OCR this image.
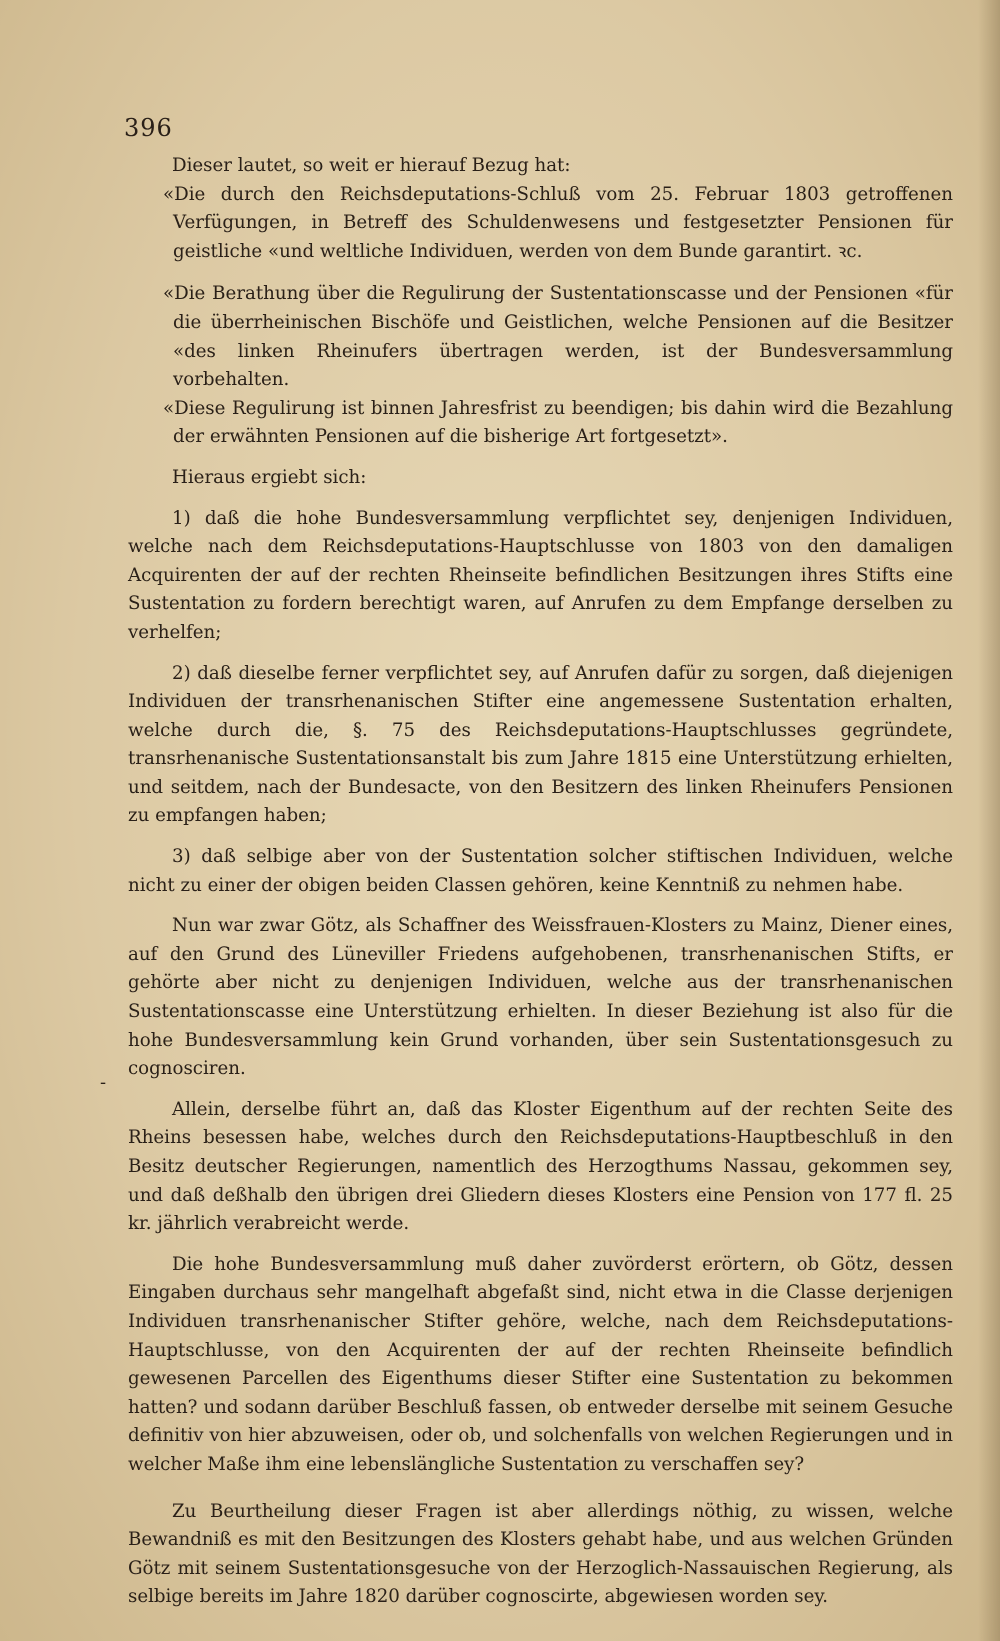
396
-

Dieser lautet, so weit er hierauf Bezug hat:

«Die durch den Reichsdeputations-Schluß vom 25. Februar 1803 getroffenen Verfügungen, in Betreff des Schuldenwesens und festgesetzter Pensionen für geistliche «und weltliche Individuen, werden von dem Bunde garantirt. ꝛc.

«Die Berathung über die Regulirung der Sustentationscasse und der Pensionen «für die überrheinischen Bischöfe und Geistlichen, welche Pensionen auf die Besitzer «des linken Rheinufers übertragen werden, ist der Bundesversammlung vorbehalten.

«Diese Regulirung ist binnen Jahresfrist zu beendigen; bis dahin wird die Bezahlung der erwähnten Pensionen auf die bisherige Art fortgesetzt».

Hieraus ergiebt sich:

1) daß die hohe Bundesversammlung verpflichtet sey, denjenigen Individuen, welche nach dem Reichsdeputations-Hauptschlusse von 1803 von den damaligen Acquirenten der auf der rechten Rheinseite befindlichen Besitzungen ihres Stifts eine Sustentation zu fordern berechtigt waren, auf Anrufen zu dem Empfange derselben zu verhelfen;

2) daß dieselbe ferner verpflichtet sey, auf Anrufen dafür zu sorgen, daß diejenigen Individuen der transrhenanischen Stifter eine angemessene Sustentation erhalten, welche durch die, §. 75 des Reichsdeputations-Hauptschlusses gegründete, transrhenanische Sustentationsanstalt bis zum Jahre 1815 eine Unterstützung erhielten, und seitdem, nach der Bundesacte, von den Besitzern des linken Rheinufers Pensionen zu empfangen haben;

3) daß selbige aber von der Sustentation solcher stiftischen Individuen, welche nicht zu einer der obigen beiden Classen gehören, keine Kenntniß zu nehmen habe.

Nun war zwar Götz, als Schaffner des Weissfrauen-Klosters zu Mainz, Diener eines, auf den Grund des Lüneviller Friedens aufgehobenen, transrhenanischen Stifts, er gehörte aber nicht zu denjenigen Individuen, welche aus der transrhenanischen Sustentationscasse eine Unterstützung erhielten. In dieser Beziehung ist also für die hohe Bundesversammlung kein Grund vorhanden, über sein Sustentationsgesuch zu cognosciren.

Allein, derselbe führt an, daß das Kloster Eigenthum auf der rechten Seite des Rheins besessen habe, welches durch den Reichsdeputations-Hauptbeschluß in den Besitz deutscher Regierungen, namentlich des Herzogthums Nassau, gekommen sey, und daß deßhalb den übrigen drei Gliedern dieses Klosters eine Pension von 177 fl. 25 kr. jährlich verabreicht werde.

Die hohe Bundesversammlung muß daher zuvörderst erörtern, ob Götz, dessen Eingaben durchaus sehr mangelhaft abgefaßt sind, nicht etwa in die Classe derjenigen Individuen transrhenanischer Stifter gehöre, welche, nach dem Reichsdeputations-Hauptschlusse, von den Acquirenten der auf der rechten Rheinseite befindlich gewesenen Parcellen des Eigenthums dieser Stifter eine Sustentation zu bekommen hatten? und sodann darüber Beschluß fassen, ob entweder derselbe mit seinem Gesuche definitiv von hier abzuweisen, oder ob, und solchenfalls von welchen Regierungen und in welcher Maße ihm eine lebenslängliche Sustentation zu verschaffen sey?

Zu Beurtheilung dieser Fragen ist aber allerdings nöthig, zu wissen, welche Bewandniß es mit den Besitzungen des Klosters gehabt habe, und aus welchen Gründen Götz mit seinem Sustentationsgesuche von der Herzoglich-Nassauischen Regierung, als selbige bereits im Jahre 1820 darüber cognoscirte, abgewiesen worden sey.
